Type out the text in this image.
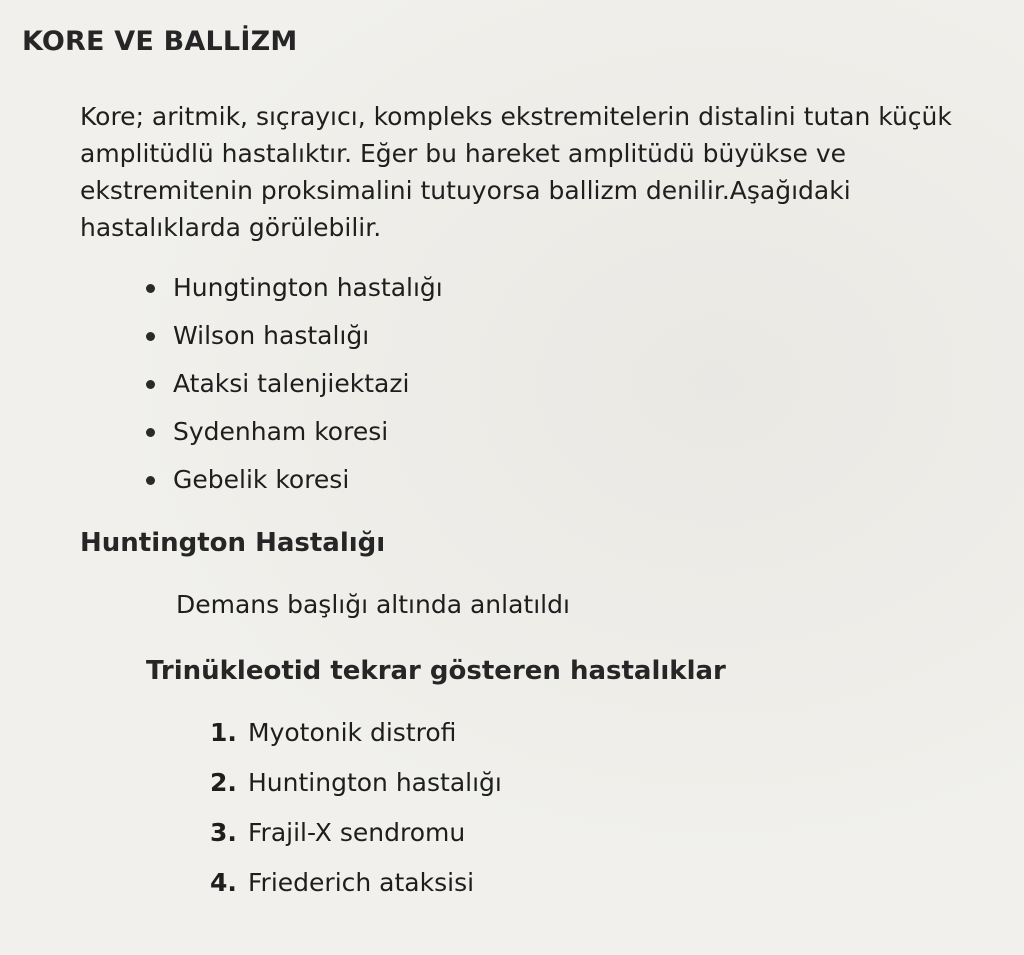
KORE VE BALLİZM

Kore; aritmik, sıçrayıcı, kompleks ekstremitelerin distalini tutan küçük amplitüdlü hastalıktır. Eğer bu hareket amplitüdü büyükse ve ekstremitenin proksimalini tutuyorsa ballizm denilir.Aşağıdaki hastalıklarda görülebilir.

Hungtington hastalığı
Wilson hastalığı
Ataksi talenjiektazi
Sydenham koresi
Gebelik koresi
Huntington Hastalığı

Demans başlığı altında anlatıldı

Trinükleotid tekrar gösteren hastalıklar
1. Myotonik distrofi
2. Huntington hastalığı
3. Frajil-X sendromu
4. Friederich ataksisi
